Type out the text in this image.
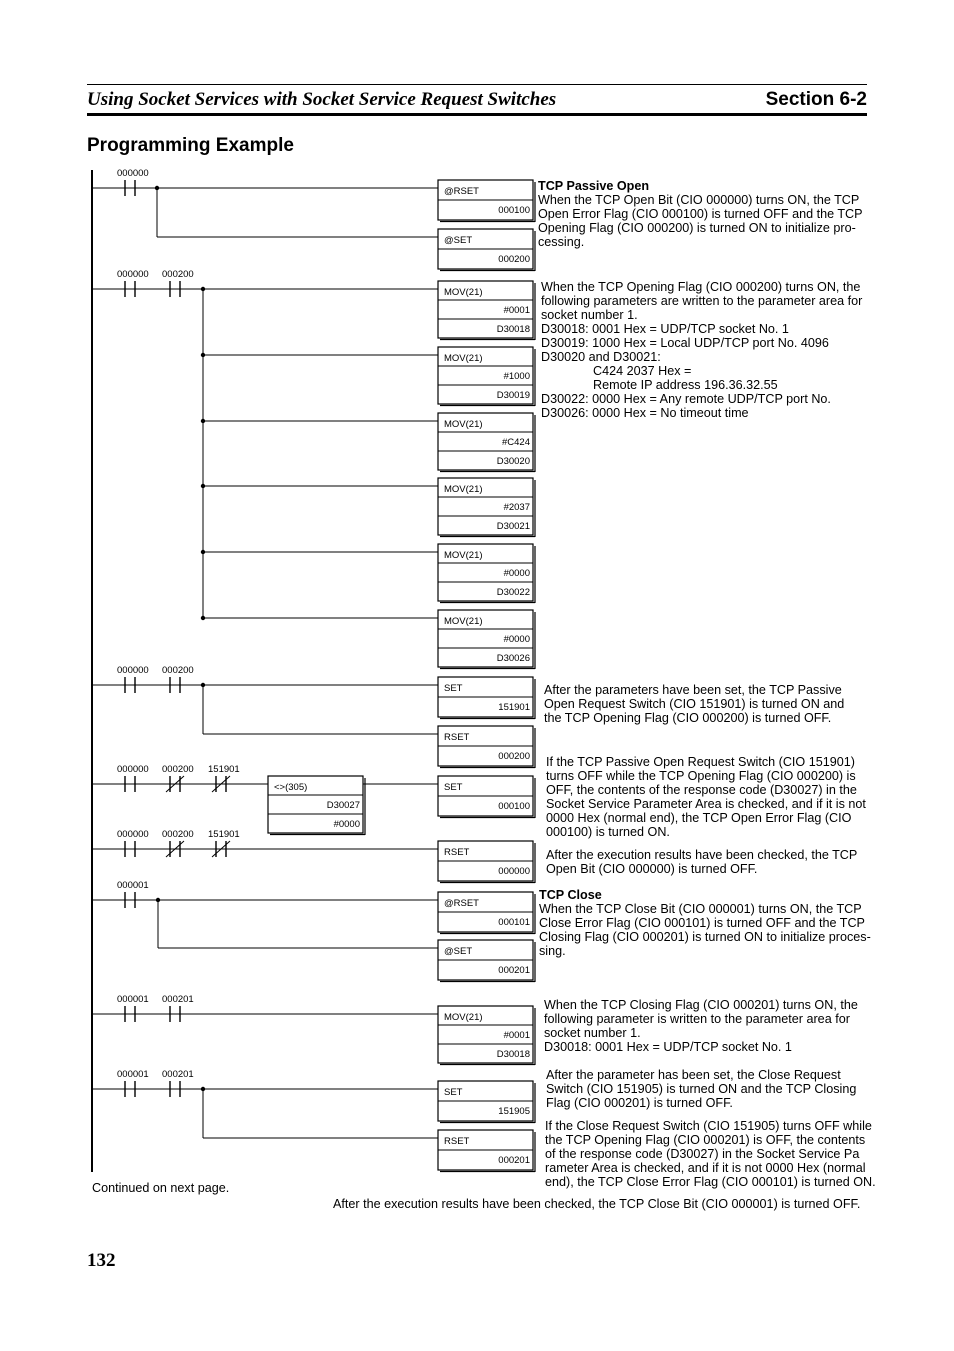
Using Socket Services with Socket Service Request Switches	Section 6-2
Programming Example
000000
@RSET
000100
@SET
000200
000000 000200
MOV(21)
#0001
D30018
MOV(21)
#1000
D30019
MOV(21)
#C424
D30020
MOV(21)
#2037
D30021
MOV(21)
#0000
D30022
MOV(21)
#0000
D30026
000000 000200
SET
151901
RSET
000200
000000 000200 151901
<>(305)
D30027
#0000
SET
000100
000000 000200 151901
RSET
000000
000001
@RSET
000101
@SET
000201
000001 000201
MOV(21)
#0001
D30018
000001 000201
SET
151905
RSET
000201
TCP Passive Open
When the TCP Open Bit (CIO 000000) turns ON, the TCP
Open Error Flag (CIO 000100) is turned OFF and the TCP
Opening Flag (CIO 000200) is turned ON to initialize pro-
cessing.
When the TCP Opening Flag (CIO 000200) turns ON, the
following parameters are written to the parameter area for
socket number 1.
D30018: 0001 Hex = UDP/TCP socket No. 1
D30019: 1000 Hex = Local UDP/TCP port No. 4096
D30020 and D30021:
C424 2037 Hex =
Remote IP address 196.36.32.55
D30022: 0000 Hex = Any remote UDP/TCP port No.
D30026: 0000 Hex = No timeout time
After the parameters have been set, the TCP Passive
Open Request Switch (CIO 151901) is turned ON and
the TCP Opening Flag (CIO 000200) is turned OFF.
If the TCP Passive Open Request Switch (CIO 151901)
turns OFF while the TCP Opening Flag (CIO 000200) is
OFF, the contents of the response code (D30027) in the
Socket Service Parameter Area is checked, and if it is not
0000 Hex (normal end), the TCP Open Error Flag (CIO
000100) is turned ON.
After the execution results have been checked, the TCP
Open Bit (CIO 000000) is turned OFF.
TCP Close
When the TCP Close Bit (CIO 000001) turns ON, the TCP
Close Error Flag (CIO 000101) is turned OFF and the TCP
Closing Flag (CIO 000201) is turned ON to initialize proces-
sing.
When the TCP Closing Flag (CIO 000201) turns ON, the
following parameter is written to the parameter area for
socket number 1.
D30018: 0001 Hex = UDP/TCP socket No. 1
After the parameter has been set, the Close Request
Switch (CIO 151905) is turned ON and the TCP Closing
Flag (CIO 000201) is turned OFF.
If the Close Request Switch (CIO 151905) turns OFF while
the TCP Opening Flag (CIO 000201) is OFF, the contents
of the response code (D30027) in the Socket Service Pa
rameter Area is checked, and if it is not 0000 Hex (normal
end), the TCP Close Error Flag (CIO 000101) is turned ON.
Continued on next page.
After the execution results have been checked, the TCP Close Bit (CIO 000001) is turned OFF.
132
